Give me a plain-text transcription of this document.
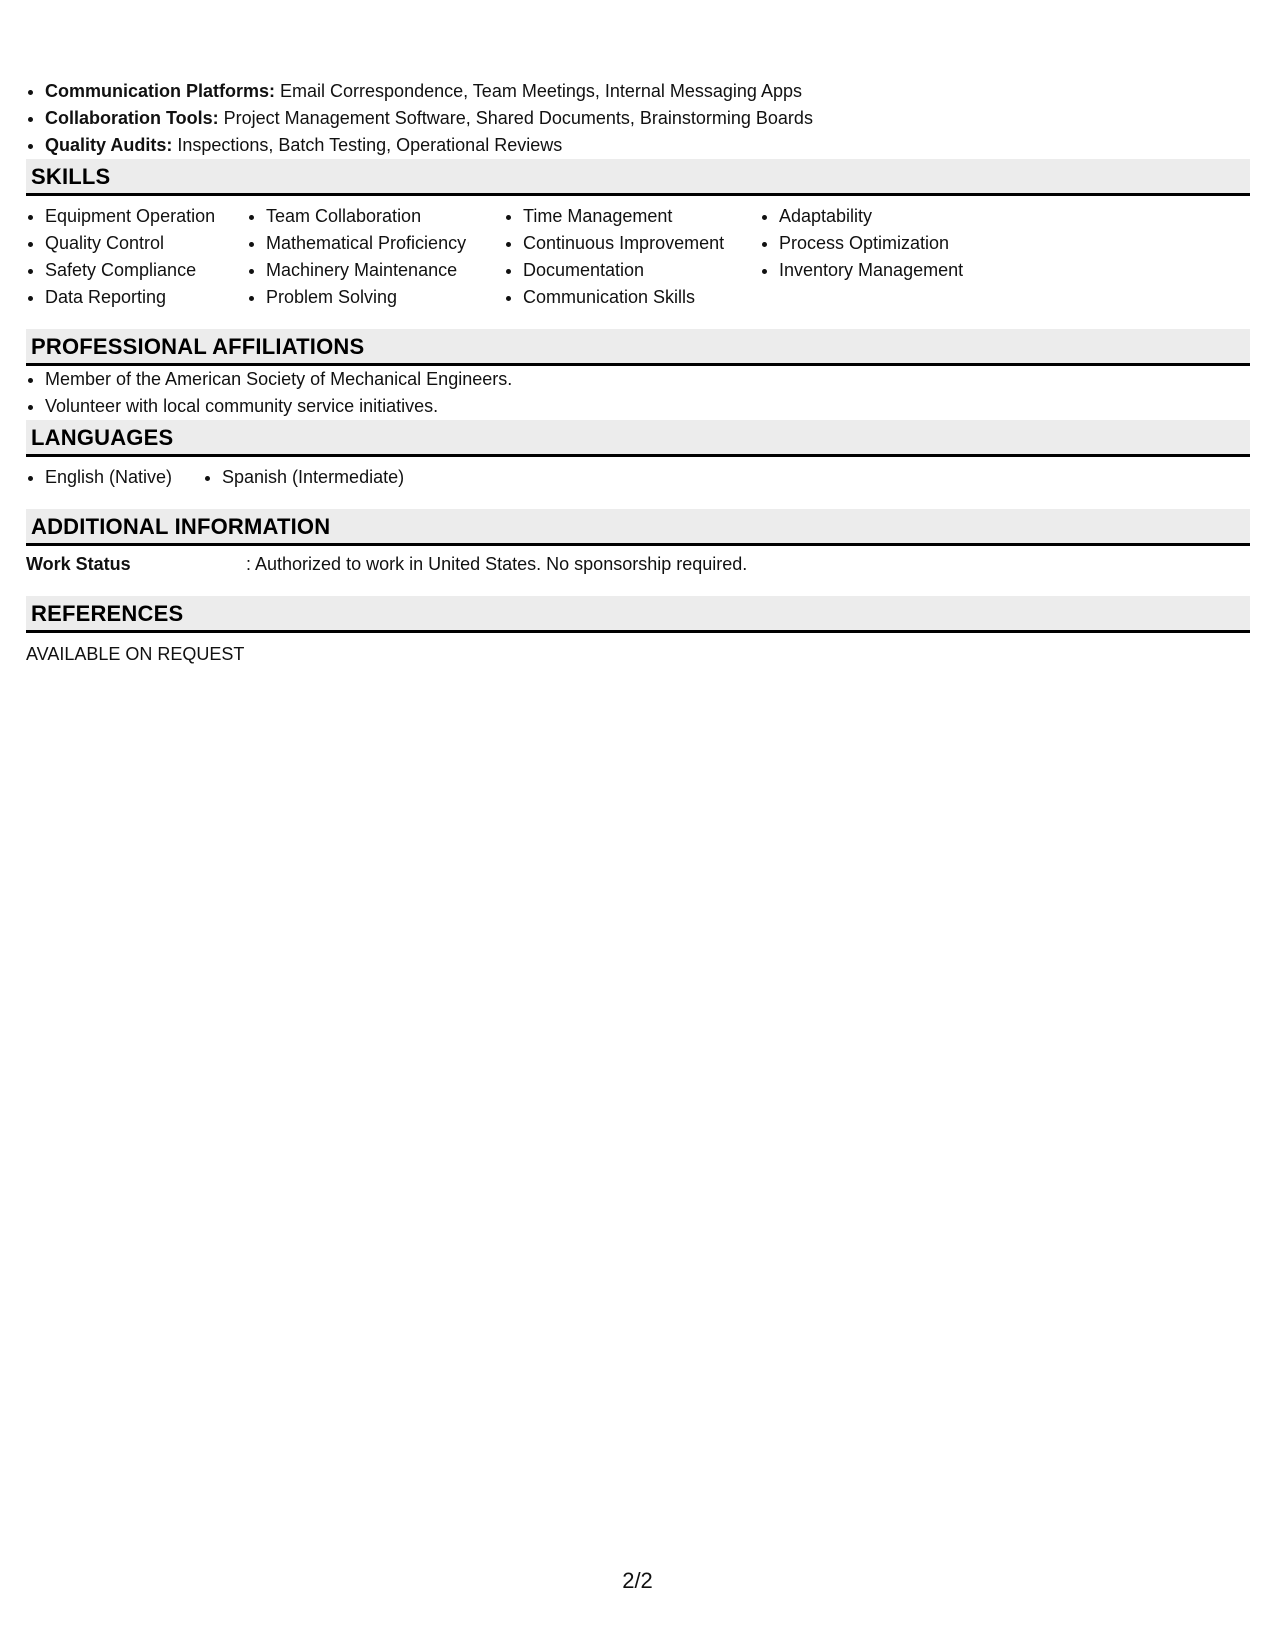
• Communication Platforms: Email Correspondence, Team Meetings, Internal Messaging Apps
• Collaboration Tools: Project Management Software, Shared Documents, Brainstorming Boards
• Quality Audits: Inspections, Batch Testing, Operational Reviews
SKILLS
• Equipment Operation
• Quality Control
• Safety Compliance
• Data Reporting
• Team Collaboration
• Mathematical Proficiency
• Machinery Maintenance
• Problem Solving
• Time Management
• Continuous Improvement
• Documentation
• Communication Skills
• Adaptability
• Process Optimization
• Inventory Management
PROFESSIONAL AFFILIATIONS
• Member of the American Society of Mechanical Engineers.
• Volunteer with local community service initiatives.
LANGUAGES
• English (Native)
•	Spanish (Intermediate)
ADDITIONAL INFORMATION
Work Status	: Authorized to work in United States. No sponsorship required.
REFERENCES
AVAILABLE ON REQUEST
2/2
